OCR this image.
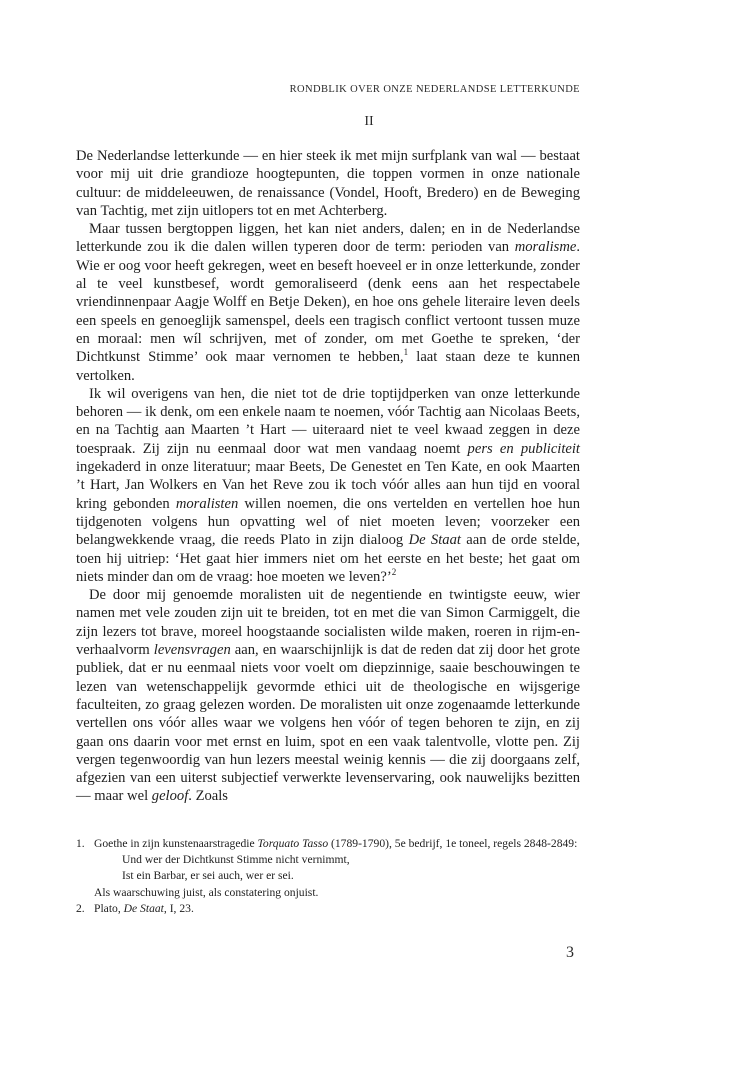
RONDBLIK OVER ONZE NEDERLANDSE LETTERKUNDE
II

De Nederlandse letterkunde — en hier steek ik met mijn surfplank van wal — bestaat voor mij uit drie grandioze hoogtepunten, die toppen vormen in onze nationale cultuur: de middeleeuwen, de renaissance (Vondel, Hooft, Bredero) en de Beweging van Tachtig, met zijn uitlopers tot en met Achterberg.

Maar tussen bergtoppen liggen, het kan niet anders, dalen; en in de Nederlandse letterkunde zou ik die dalen willen typeren door de term: perioden van moralisme. Wie er oog voor heeft gekregen, weet en beseft hoeveel er in onze letterkunde, zonder al te veel kunstbesef, wordt gemoraliseerd (denk eens aan het respectabele vriendinnenpaar Aagje Wolff en Betje Deken), en hoe ons gehele literaire leven deels een speels en genoeglijk samenspel, deels een tragisch conflict vertoont tussen muze en moraal: men wíl schrijven, met of zonder, om met Goethe te spreken, ‘der Dichtkunst Stimme’ ook maar vernomen te hebben,$^1$ laat staan deze te kunnen vertolken.

Ik wil overigens van hen, die niet tot de drie toptijdperken van onze letterkunde behoren — ik denk, om een enkele naam te noemen, vóór Tachtig aan Nicolaas Beets, en na Tachtig aan Maarten ’t Hart — uiteraard niet te veel kwaad zeggen in deze toespraak. Zij zijn nu eenmaal door wat men vandaag noemt pers en publiciteit ingekaderd in onze literatuur; maar Beets, De Genestet en Ten Kate, en ook Maarten ’t Hart, Jan Wolkers en Van het Reve zou ik toch vóór alles aan hun tijd en vooral kring gebonden moralisten willen noemen, die ons vertelden en vertellen hoe hun tijdgenoten volgens hun opvatting wel of niet moeten leven; voorzeker een belangwekkende vraag, die reeds Plato in zijn dialoog De Staat aan de orde stelde, toen hij uitriep: ‘Het gaat hier immers niet om het eerste en het beste; het gaat om niets minder dan om de vraag: hoe moeten we leven?’$^2$

De door mij genoemde moralisten uit de negentiende en twintigste eeuw, wier namen met vele zouden zijn uit te breiden, tot en met die van Simon Carmiggelt, die zijn lezers tot brave, moreel hoogstaande socialisten wilde maken, roeren in rijm-en-verhaalvorm levensvragen aan, en waarschijnlijk is dat de reden dat zij door het grote publiek, dat er nu eenmaal niets voor voelt om diepzinnige, saaie beschouwingen te lezen van wetenschappelijk gevormde ethici uit de theologische en wijsgerige faculteiten, zo graag gelezen worden. De moralisten uit onze zogenaamde letterkunde vertellen ons vóór alles waar we volgens hen vóór of tegen behoren te zijn, en zij gaan ons daarin voor met ernst en luim, spot en een vaak talentvolle, vlotte pen. Zij vergen tegenwoordig van hun lezers meestal weinig kennis — die zij doorgaans zelf, afgezien van een uiterst subjectief verwerkte levenservaring, ook nauwelijks bezitten — maar wel geloof. Zoals

1. Goethe in zijn kunstenaarstragedie Torquato Tasso (1789-1790), 5e bedrijf, 1e toneel, regels 2848-2849:

Und wer der Dichtkunst Stimme nicht vernimmt,

Ist ein Barbar, er sei auch, wer er sei.

Als waarschuwing juist, als constatering onjuist.

2. Plato, De Staat, I, 23.

3
